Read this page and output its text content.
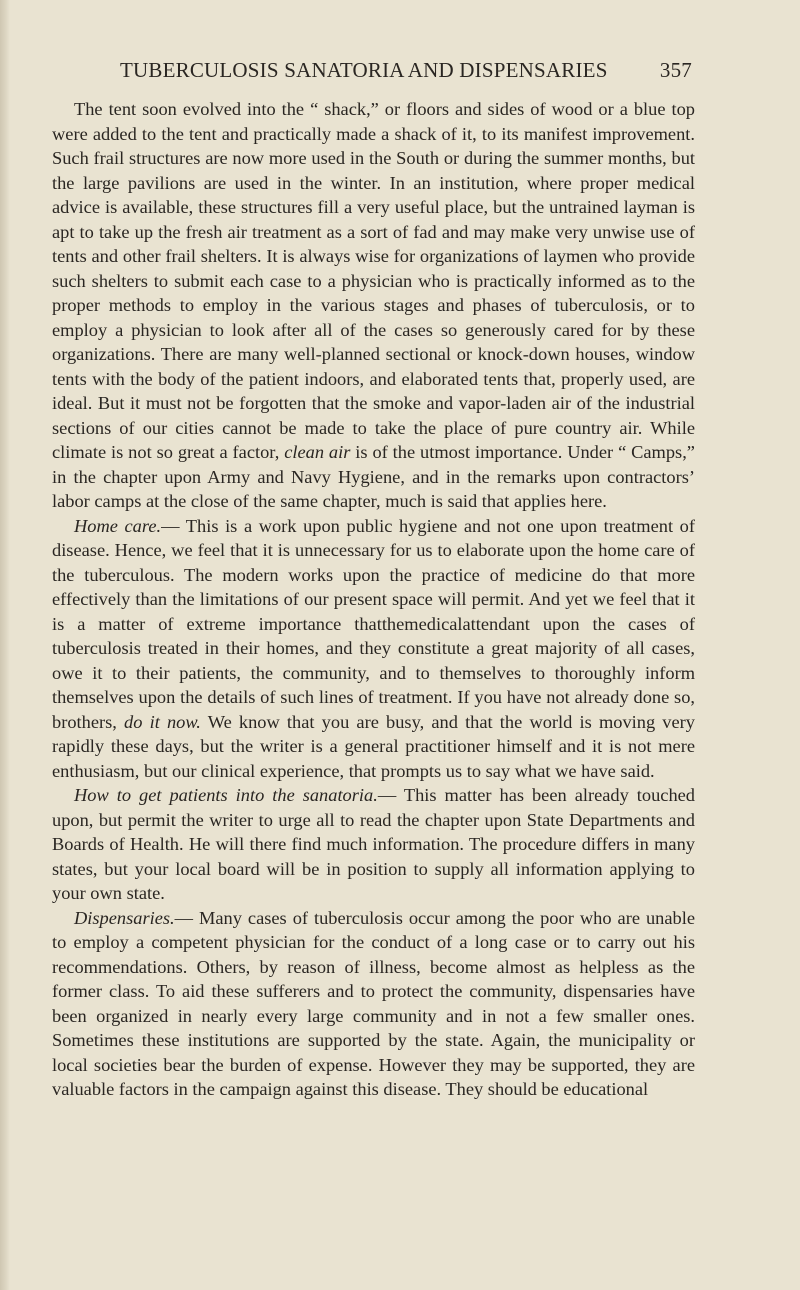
TUBERCULOSIS SANATORIA AND DISPENSARIES 357

The tent soon evolved into the “ shack,” or floors and sides of wood or a blue top were added to the tent and practically made a shack of it, to its manifest improvement. Such frail structures are now more used in the South or during the summer months, but the large pavilions are used in the winter. In an institution, where proper medical advice is available, these structures fill a very useful place, but the untrained layman is apt to take up the fresh air treatment as a sort of fad and may make very unwise use of tents and other frail shelters. It is always wise for organizations of laymen who provide such shelters to submit each case to a physician who is practically informed as to the proper methods to employ in the various stages and phases of tuberculosis, or to employ a physician to look after all of the cases so generously cared for by these organizations. There are many well-planned sectional or knock-down houses, window tents with the body of the patient indoors, and elaborated tents that, properly used, are ideal. But it must not be forgotten that the smoke and vapor-laden air of the industrial sections of our cities cannot be made to take the place of pure country air. While climate is not so great a factor, clean air is of the utmost importance. Under “ Camps,” in the chapter upon Army and Navy Hygiene, and in the remarks upon contractors’ labor camps at the close of the same chapter, much is said that applies here.

Home care.— This is a work upon public hygiene and not one upon treatment of disease. Hence, we feel that it is unnecessary for us to elaborate upon the home care of the tuberculous. The modern works upon the practice of medicine do that more effectively than the limitations of our present space will permit. And yet we feel that it is a matter of extreme importance thatthemedicalattendant upon the cases of tuberculosis treated in their homes, and they constitute a great majority of all cases, owe it to their patients, the community, and to themselves to thoroughly inform themselves upon the details of such lines of treatment. If you have not already done so, brothers, do it now. We know that you are busy, and that the world is moving very rapidly these days, but the writer is a general practitioner himself and it is not mere enthusiasm, but our clinical experience, that prompts us to say what we have said.

How to get patients into the sanatoria.— This matter has been already touched upon, but permit the writer to urge all to read the chapter upon State Departments and Boards of Health. He will there find much information. The procedure differs in many states, but your local board will be in position to supply all information applying to your own state.

Dispensaries.— Many cases of tuberculosis occur among the poor who are unable to employ a competent physician for the conduct of a long case or to carry out his recommendations. Others, by reason of illness, become almost as helpless as the former class. To aid these sufferers and to protect the community, dispensaries have been organized in nearly every large community and in not a few smaller ones. Sometimes these institutions are supported by the state. Again, the municipality or local societies bear the burden of expense. However they may be supported, they are valuable factors in the campaign against this disease. They should be educational
